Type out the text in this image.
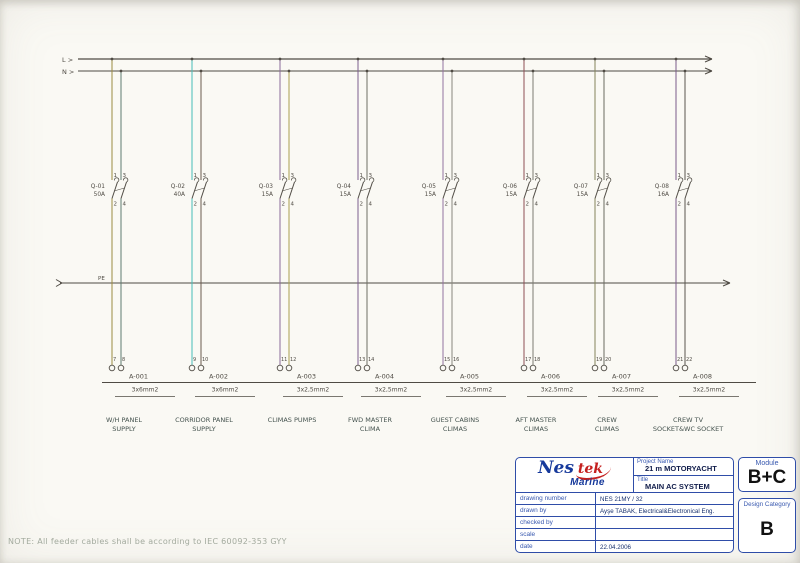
L >
N >
PE
1 3
2 4
Q-01
50A
7 8
A-001
3x6mm2
W/H PANEL
SUPPLY
1 3
2 4
Q-02
40A
9 10
A-002
3x6mm2
CORRIDOR PANEL
SUPPLY
1 3
2 4
Q-03
15A
11 12
A-003
3x2,5mm2
CLIMAS PUMPS
1 3
2 4
Q-04
15A
13 14
A-004
3x2,5mm2
FWD MASTER
CLIMA
1 3
2 4
Q-05
15A
15 16
A-005
3x2,5mm2
GUEST CABINS
CLIMAS
1 3
2 4
Q-06
15A
17 18
A-006
3x2,5mm2
AFT MASTER
CLIMAS
1 3
2 4
Q-07
15A
19 20
A-007
3x2,5mm2
CREW
CLIMAS
1 3
2 4
Q-08
16A
21 22
A-008
3x2,5mm2
CREW TV
SOCKET&WC SOCKET
NOTE: All feeder cables shall be according to IEC 60092-353 GYY
Nes tek
Marine
Project Name
21 m MOTORYACHT
Title
MAIN AC SYSTEM
drawing number	NES 21MY / 32
drawn by	Ayşe TABAK, Electrical&Electronical Eng.
checked by
scale
date	22.04.2006
Module
B+C
Design Category
B
